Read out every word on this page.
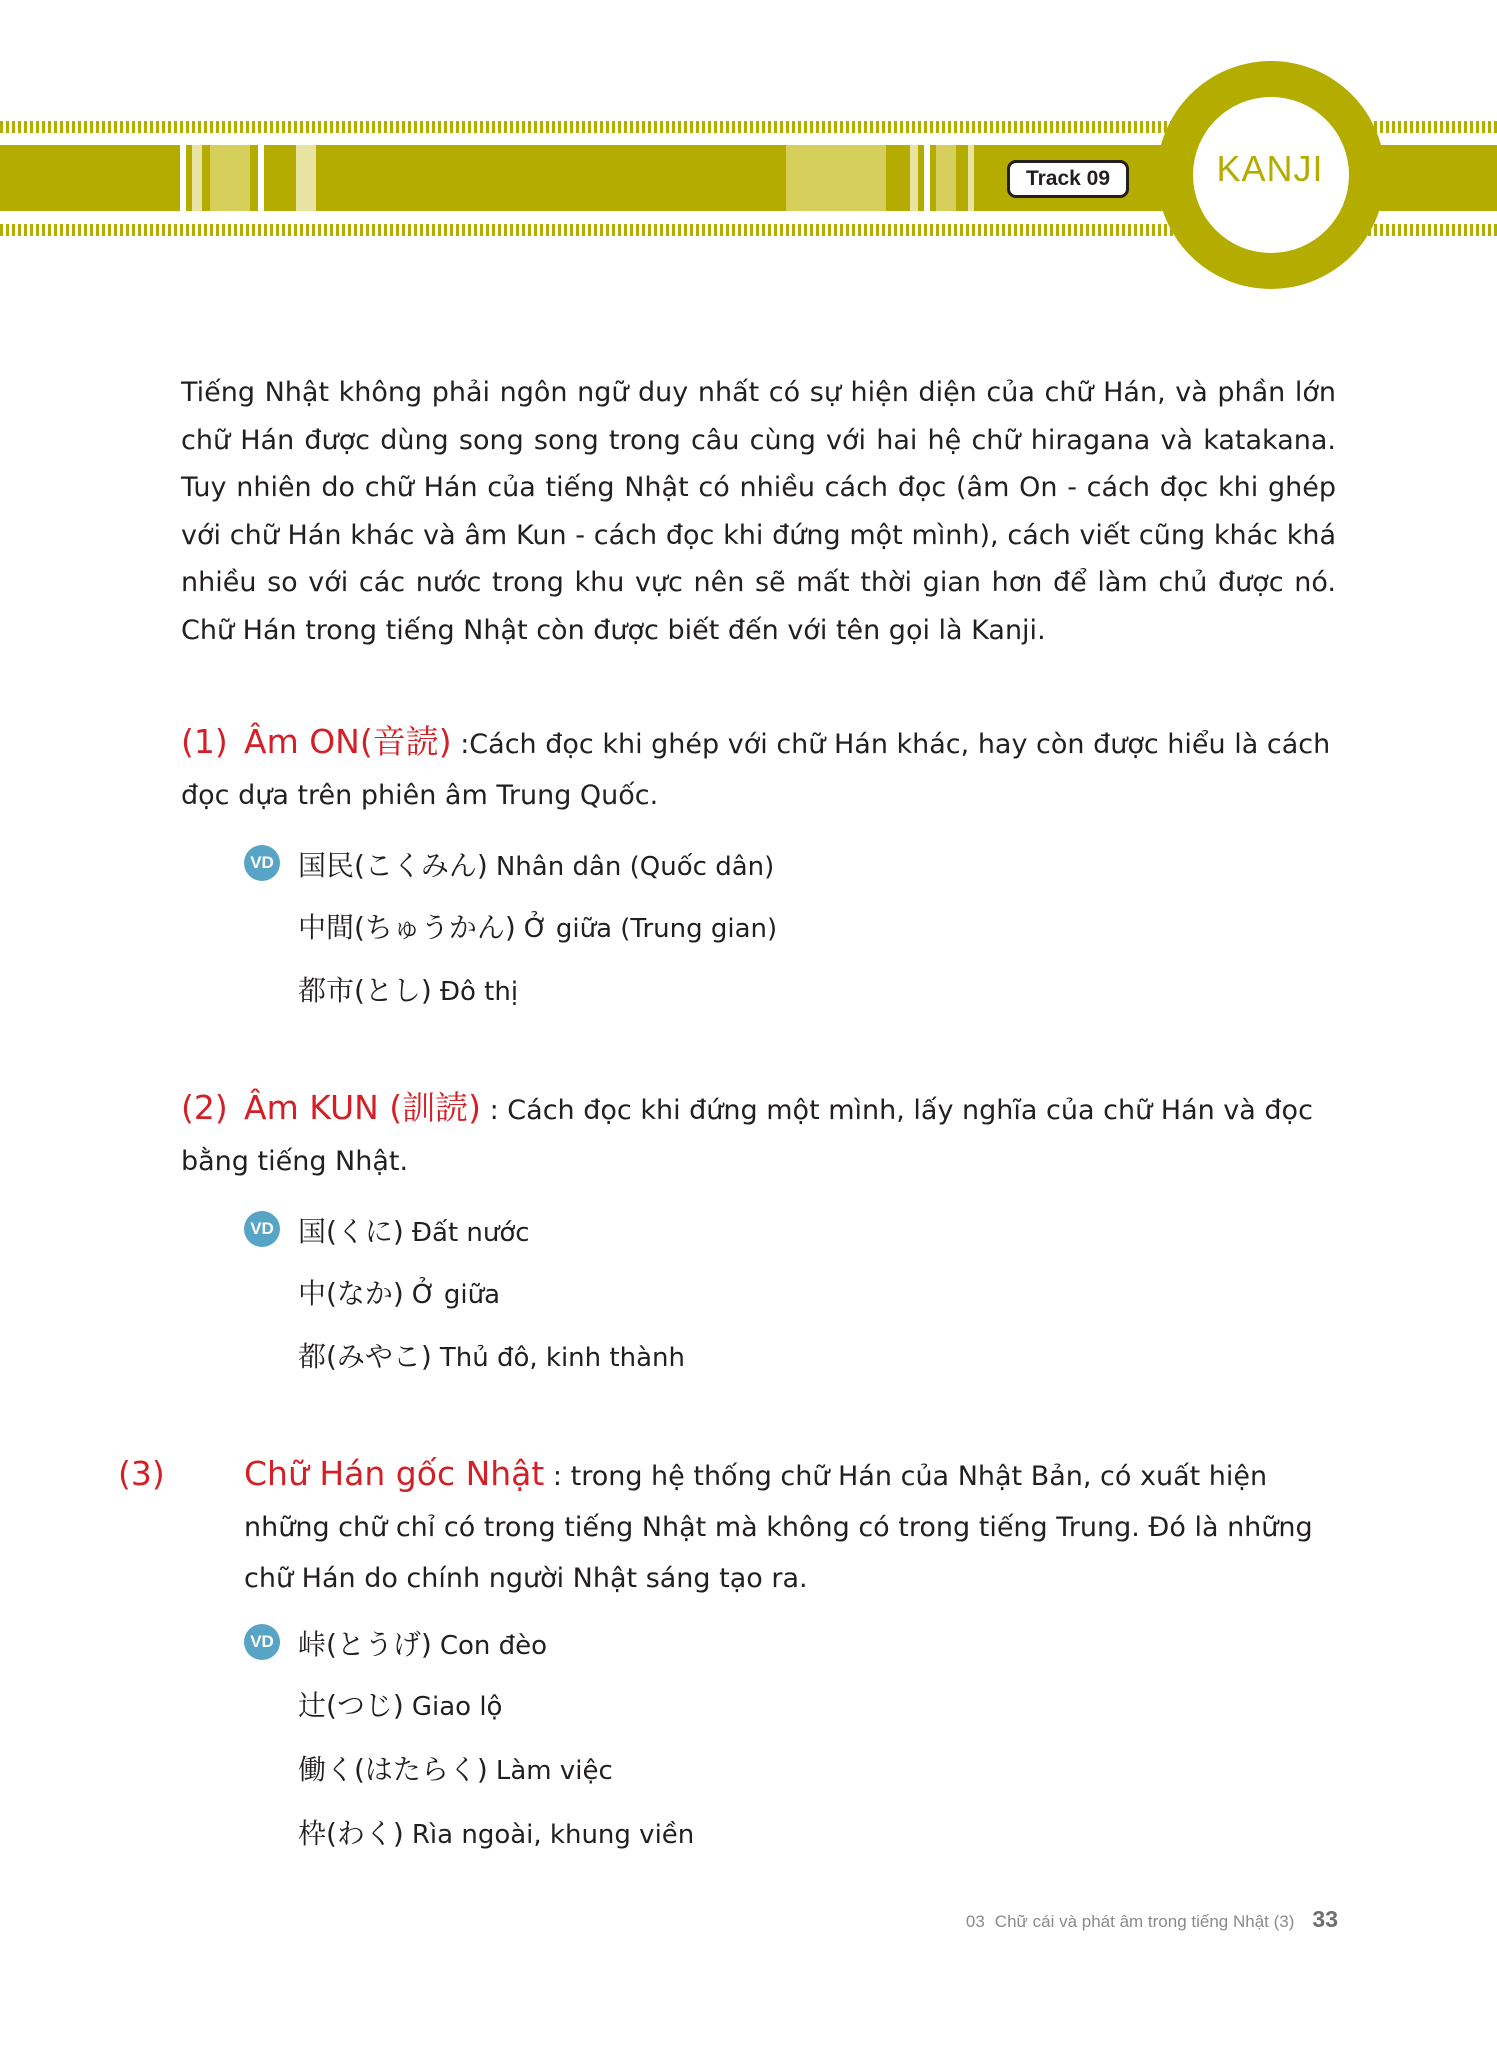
Track 09	KANJI

Tiếng Nhật không phải ngôn ngữ duy nhất có sự hiện diện của chữ Hán, và phần lớn chữ Hán được dùng song song trong câu cùng với hai hệ chữ hiragana và katakana. Tuy nhiên do chữ Hán của tiếng Nhật có nhiều cách đọc (âm On - cách đọc khi ghép với chữ Hán khác và âm Kun - cách đọc khi đứng một mình), cách viết cũng khác khá nhiều so với các nước trong khu vực nên sẽ mất thời gian hơn để làm chủ được nó. Chữ Hán trong tiếng Nhật còn được biết đến với tên gọi là Kanji.

(1) Âm ON(音読) :Cách đọc khi ghép với chữ Hán khác, hay còn được hiểu là cách đọc dựa trên phiên âm Trung Quốc.

VD 国民(こくみん) Nhân dân (Quốc dân)
中間(ちゅうかん) Ở giữa (Trung gian)
都市(とし) Đô thị

(2) Âm KUN (訓読) : Cách đọc khi đứng một mình, lấy nghĩa của chữ Hán và đọc bằng tiếng Nhật.

VD 国(くに) Đất nước
中(なか) Ở giữa
都(みやこ) Thủ đô, kinh thành

(3) Chữ Hán gốc Nhật : trong hệ thống chữ Hán của Nhật Bản, có xuất hiện những chữ chỉ có trong tiếng Nhật mà không có trong tiếng Trung. Đó là những chữ Hán do chính người Nhật sáng tạo ra.

VD 峠(とうげ) Con đèo
辻(つじ) Giao lộ
働く(はたらく) Làm việc
枠(わく) Rìa ngoài, khung viền
03 Chữ cái và phát âm trong tiếng Nhật (3) 33
